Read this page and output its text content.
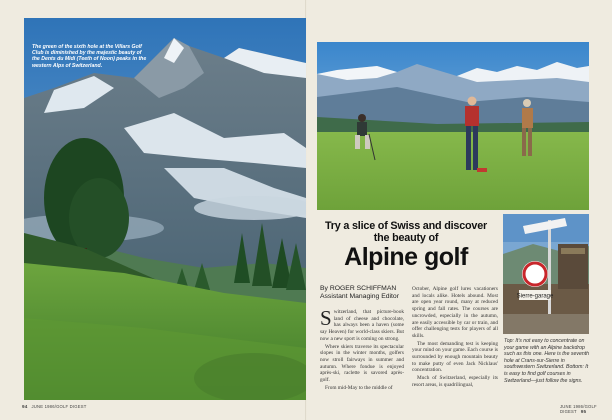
The green of the sixth hole at the Villars Golf Club is diminished by the majestic beauty of the Dents du Midi (Teeth of Noon) peaks in the western Alps of Switzerland.
Try a slice of Swiss and discover
the beauty of
Alpine golf
By ROGER SCHIFFMAN
Assistant Managing Editor

Switzerland, that picture-book land of cheese and chocolate, has always been a haven (some say Heaven) for world-class skiers. But now a new sport is coming on strong.

Where skiers traverse its spectacular slopes in the winter months, golfers now stroll fairways in summer and autumn. Where fondue is enjoyed après-ski, raclette is savored après-golf.

From mid-May to the middle of

October, Alpine golf lures vacationers and locals alike. Hotels abound. Most are open year round, many at reduced spring and fall rates. The courses are uncrowded, especially in the autumn, are easily accessible by car or train, and offer challenging tests for players of all skills.

The most demanding test is keeping your mind on your game. Each course is surrounded by enough mountain beauty to make putty of even Jack Nicklaus' concentration.

Much of Switzerland, especially its resort areas, is quadrilingual,

Sierre-garage
Top: It's not easy to concentrate on your game with an Alpine backdrop such as this one. Here is the seventh hole at Crans-sur-Sierre in southwestern Switzerland. Bottom: It is easy to find golf courses in Switzerland—just follow the signs.
94 JUNE 1986/GOLF DIGEST	JUNE 1986/GOLF DIGEST 95
